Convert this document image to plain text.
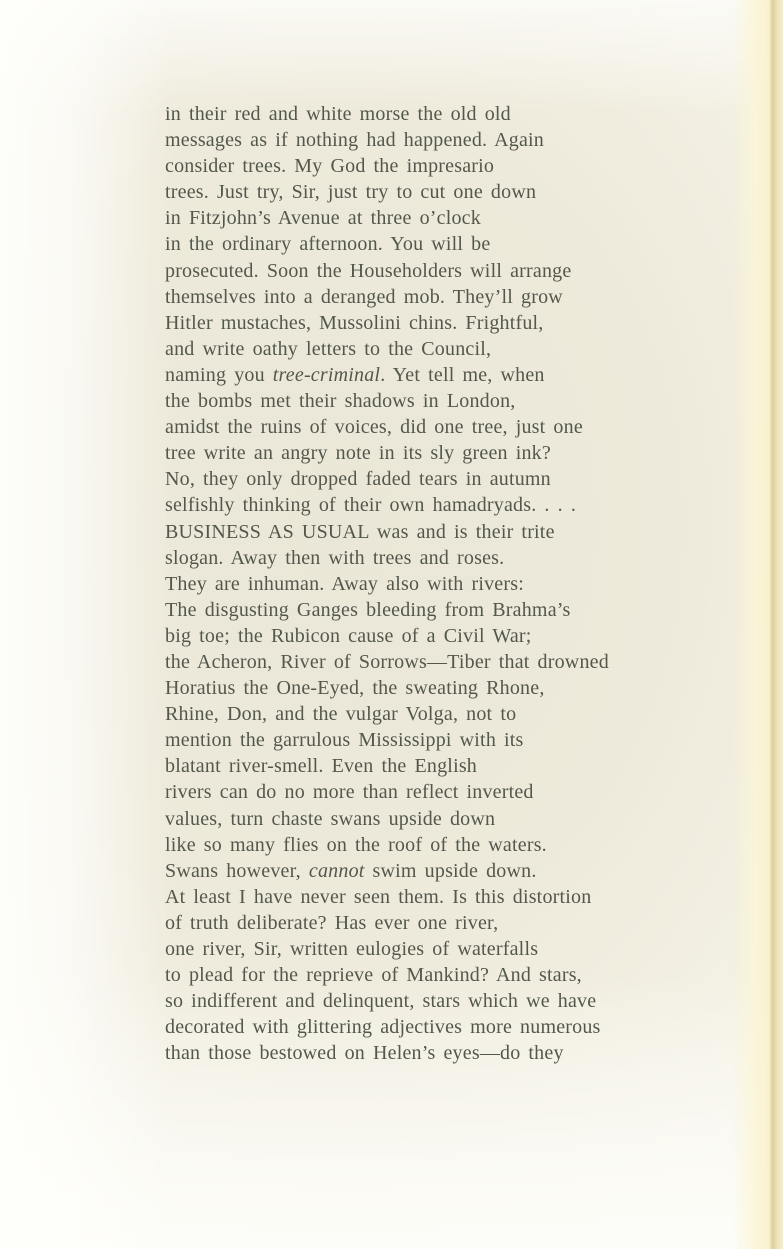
in their red and white morse the old old
messages as if nothing had happened. Again
consider trees. My God the impresario
trees. Just try, Sir, just try to cut one down
in Fitzjohn’s Avenue at three o’clock
in the ordinary afternoon. You will be
prosecuted. Soon the Householders will arrange
themselves into a deranged mob. They’ll grow
Hitler mustaches, Mussolini chins. Frightful,
and write oathy letters to the Council,
naming you tree-criminal. Yet tell me, when
the bombs met their shadows in London,
amidst the ruins of voices, did one tree, just one
tree write an angry note in its sly green ink?
No, they only dropped faded tears in autumn
selfishly thinking of their own hamadryads. . . .
BUSINESS AS USUAL was and is their trite
slogan. Away then with trees and roses.
They are inhuman. Away also with rivers:
The disgusting Ganges bleeding from Brahma’s
big toe; the Rubicon cause of a Civil War;
the Acheron, River of Sorrows—Tiber that drowned
Horatius the One-Eyed, the sweating Rhone,
Rhine, Don, and the vulgar Volga, not to
mention the garrulous Mississippi with its
blatant river-smell. Even the English
rivers can do no more than reflect inverted
values, turn chaste swans upside down
like so many flies on the roof of the waters.
Swans however, cannot swim upside down.
At least I have never seen them. Is this distortion
of truth deliberate? Has ever one river,
one river, Sir, written eulogies of waterfalls
to plead for the reprieve of Mankind? And stars,
so indifferent and delinquent, stars which we have
decorated with glittering adjectives more numerous
than those bestowed on Helen’s eyes—do they
